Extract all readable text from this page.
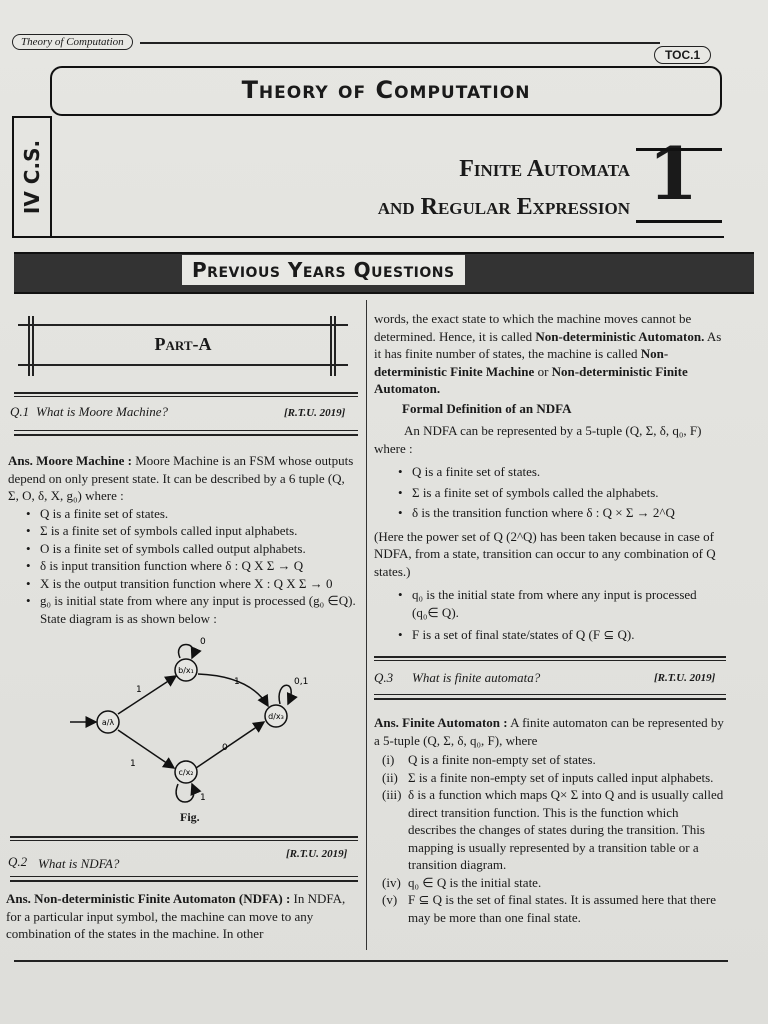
Theory of Computation
TOC.1
Theory of Computation
IV C.S.	Finite Automata
and Regular Expression 1
Previous Years Questions
Part-A
Q.1 What is Moore Machine?	[R.T.U. 2019]
Ans. Moore Machine : Moore Machine is an FSM whose outputs depend on only present state. It can be described by a 6 tuple (Q, Σ, O, δ, X, g₀) where :
• Q is a finite set of states.
• Σ is a finite set of symbols called input alphabets.
• O is a finite set of symbols called output alphabets.
• δ is input transition function where δ : Q X Σ → Q
• X is the output transition function where X : Q X Σ → 0
• g₀ is initial state from where any input is processed (g₀ ∈Q). State diagram is as shown below :
a/λ
b/x₁
c/x₂
d/x₃
0
1
1
1
0
1
0,1
Fig.
Q.2 What is NDFA?
[R.T.U. 2019]
Ans. Non-deterministic Finite Automaton (NDFA) : In NDFA, for a particular input symbol, the machine can move to any combination of the states in the machine. In other
words, the exact state to which the machine moves cannot be determined. Hence, it is called Non-deterministic Automaton. As it has finite number of states, the machine is called Non-deterministic Finite Machine or Non-deterministic Finite Automaton.
Formal Definition of an NDFA
An NDFA can be represented by a 5-tuple (Q, Σ, δ, q₀, F) where :
• Q is a finite set of states.
• Σ is a finite set of symbols called the alphabets.
• δ is the transition function where δ : Q × Σ → 2^Q
(Here the power set of Q (2^Q) has been taken because in case of NDFA, from a state, transition can occur to any combination of Q states.)
• q₀ is the initial state from where any input is processed (q₀∈ Q).
• F is a set of final state/states of Q (F ⊆ Q).
Q.3 What is finite automata?	[R.T.U. 2019]
Ans. Finite Automaton : A finite automaton can be represented by a 5-tuple (Q, Σ, δ, q₀, F), where
(i) Q is a finite non-empty set of states.
(ii) Σ is a finite non-empty set of inputs called input alphabets.
(iii) δ is a function which maps Q× Σ into Q and is usually called direct transition function. This is the function which describes the changes of states during the transition. This mapping is usually represented by a transition table or a transition diagram.
(iv) q₀ ∈ Q is the initial state.
(v) F ⊆ Q is the set of final states. It is assumed here that there may be more than one final state.
